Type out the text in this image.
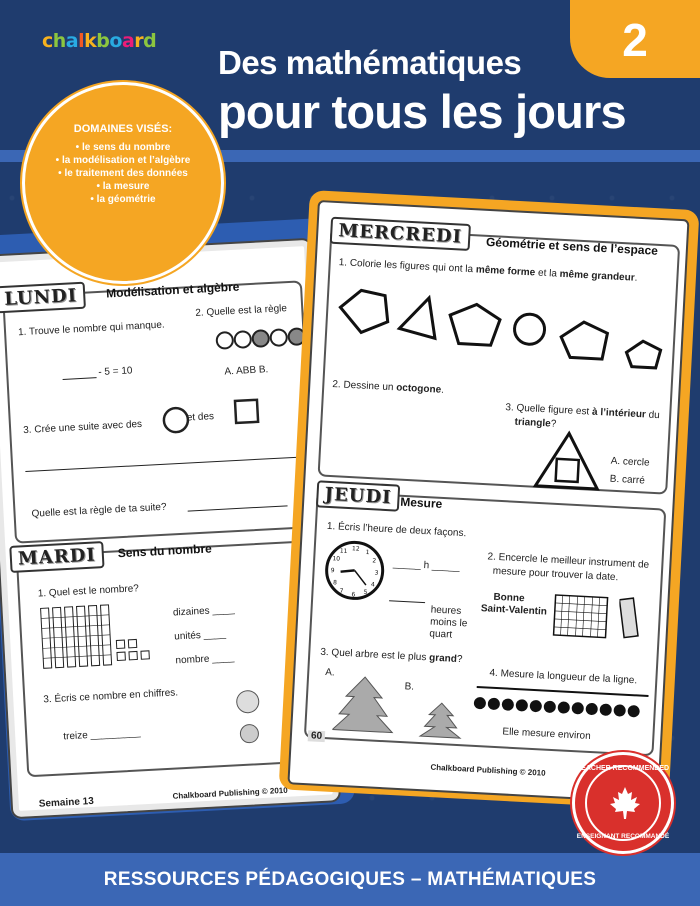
chalkboard	2
Des mathématiques
pour tous les jours
LUNDI	Modélisation et algèbre
1. Trouve le nombre qui manque.
- 5 = 10
2. Quelle est la règle
A. ABB B.
3. Crée une suite avec des
et des
Quelle est la règle de ta suite?
MARDI	Sens du nombre
1. Quel est le nombre?
dizaines ____
unités ____
nombre ____
3. Écris ce nombre en chiffres.
treize _________
Semaine 13
Chalkboard Publishing © 2010
MERCREDI	Géométrie et sens de l’espace
1. Colorie les figures qui ont la même forme et la même grandeur.
2. Dessine un octogone.
3. Quelle figure est à l’intérieur du
triangle?
A. cercle
B. carré
JEUDI Mesure
1. Écris l’heure de deux façons.
12
3
6
9
1
2
4
5
7
8
10
11
_____ h _____
heures
moins le
quart
2. Encercle le meilleur instrument de
mesure pour trouver la date.
Bonne
Saint-Valentin
3. Quel arbre est le plus grand?
A.
B.
4. Mesure la longueur de la ligne.
Elle mesure environ
60
Chalkboard Publishing © 2010
DOMAINES VISÉS:
• le sens du nombre
• la modélisation et l’algèbre
• le traitement des données
• la mesure
• la géométrie
RESSOURCES PÉDAGOGIQUES – MATHÉMATIQUES
TEACHER RECOMMENDED
ENSEIGNANT RECOMMANDÉ
